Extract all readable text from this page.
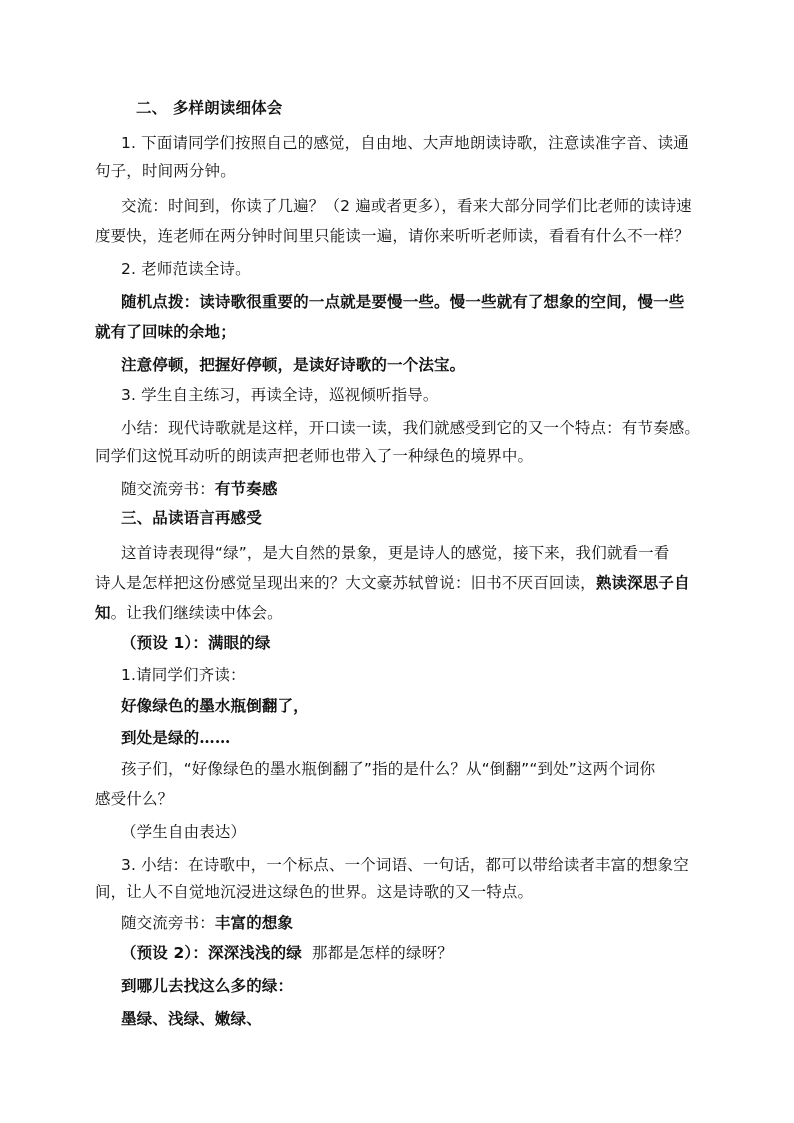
二、 多样朗读细体会
1. 下面请同学们按照自己的感觉，自由地、大声地朗读诗歌，注意读准字音、读通
句子，时间两分钟。
交流：时间到，你读了几遍？（2 遍或者更多），看来大部分同学们比老师的读诗速
度要快，连老师在两分钟时间里只能读一遍，请你来听听老师读，看看有什么不一样？
2. 老师范读全诗。
随机点拨：读诗歌很重要的一点就是要慢一些。慢一些就有了想象的空间，慢一些
就有了回味的余地；
注意停顿，把握好停顿，是读好诗歌的一个法宝。
3. 学生自主练习，再读全诗，巡视倾听指导。
小结：现代诗歌就是这样，开口读一读，我们就感受到它的又一个特点：有节奏感。
同学们这悦耳动听的朗读声把老师也带入了一种绿色的境界中。
随交流旁书：有节奏感
三、品读语言再感受
这首诗表现得“绿”，是大自然的景象，更是诗人的感觉，接下来，我们就看一看
诗人是怎样把这份感觉呈现出来的？大文豪苏轼曾说：旧书不厌百回读，熟读深思子自
知。让我们继续读中体会。
（预设 1）：满眼的绿
1.请同学们齐读：
好像绿色的墨水瓶倒翻了，
到处是绿的……
孩子们，“好像绿色的墨水瓶倒翻了”指的是什么？从“倒翻”“到处”这两个词你
感受什么？
（学生自由表达）
3. 小结：在诗歌中，一个标点、一个词语、一句话，都可以带给读者丰富的想象空
间，让人不自觉地沉浸进这绿色的世界。这是诗歌的又一特点。
随交流旁书：丰富的想象
（预设 2）：深深浅浅的绿  那都是怎样的绿呀？
到哪儿去找这么多的绿：
墨绿、浅绿、嫩绿、
